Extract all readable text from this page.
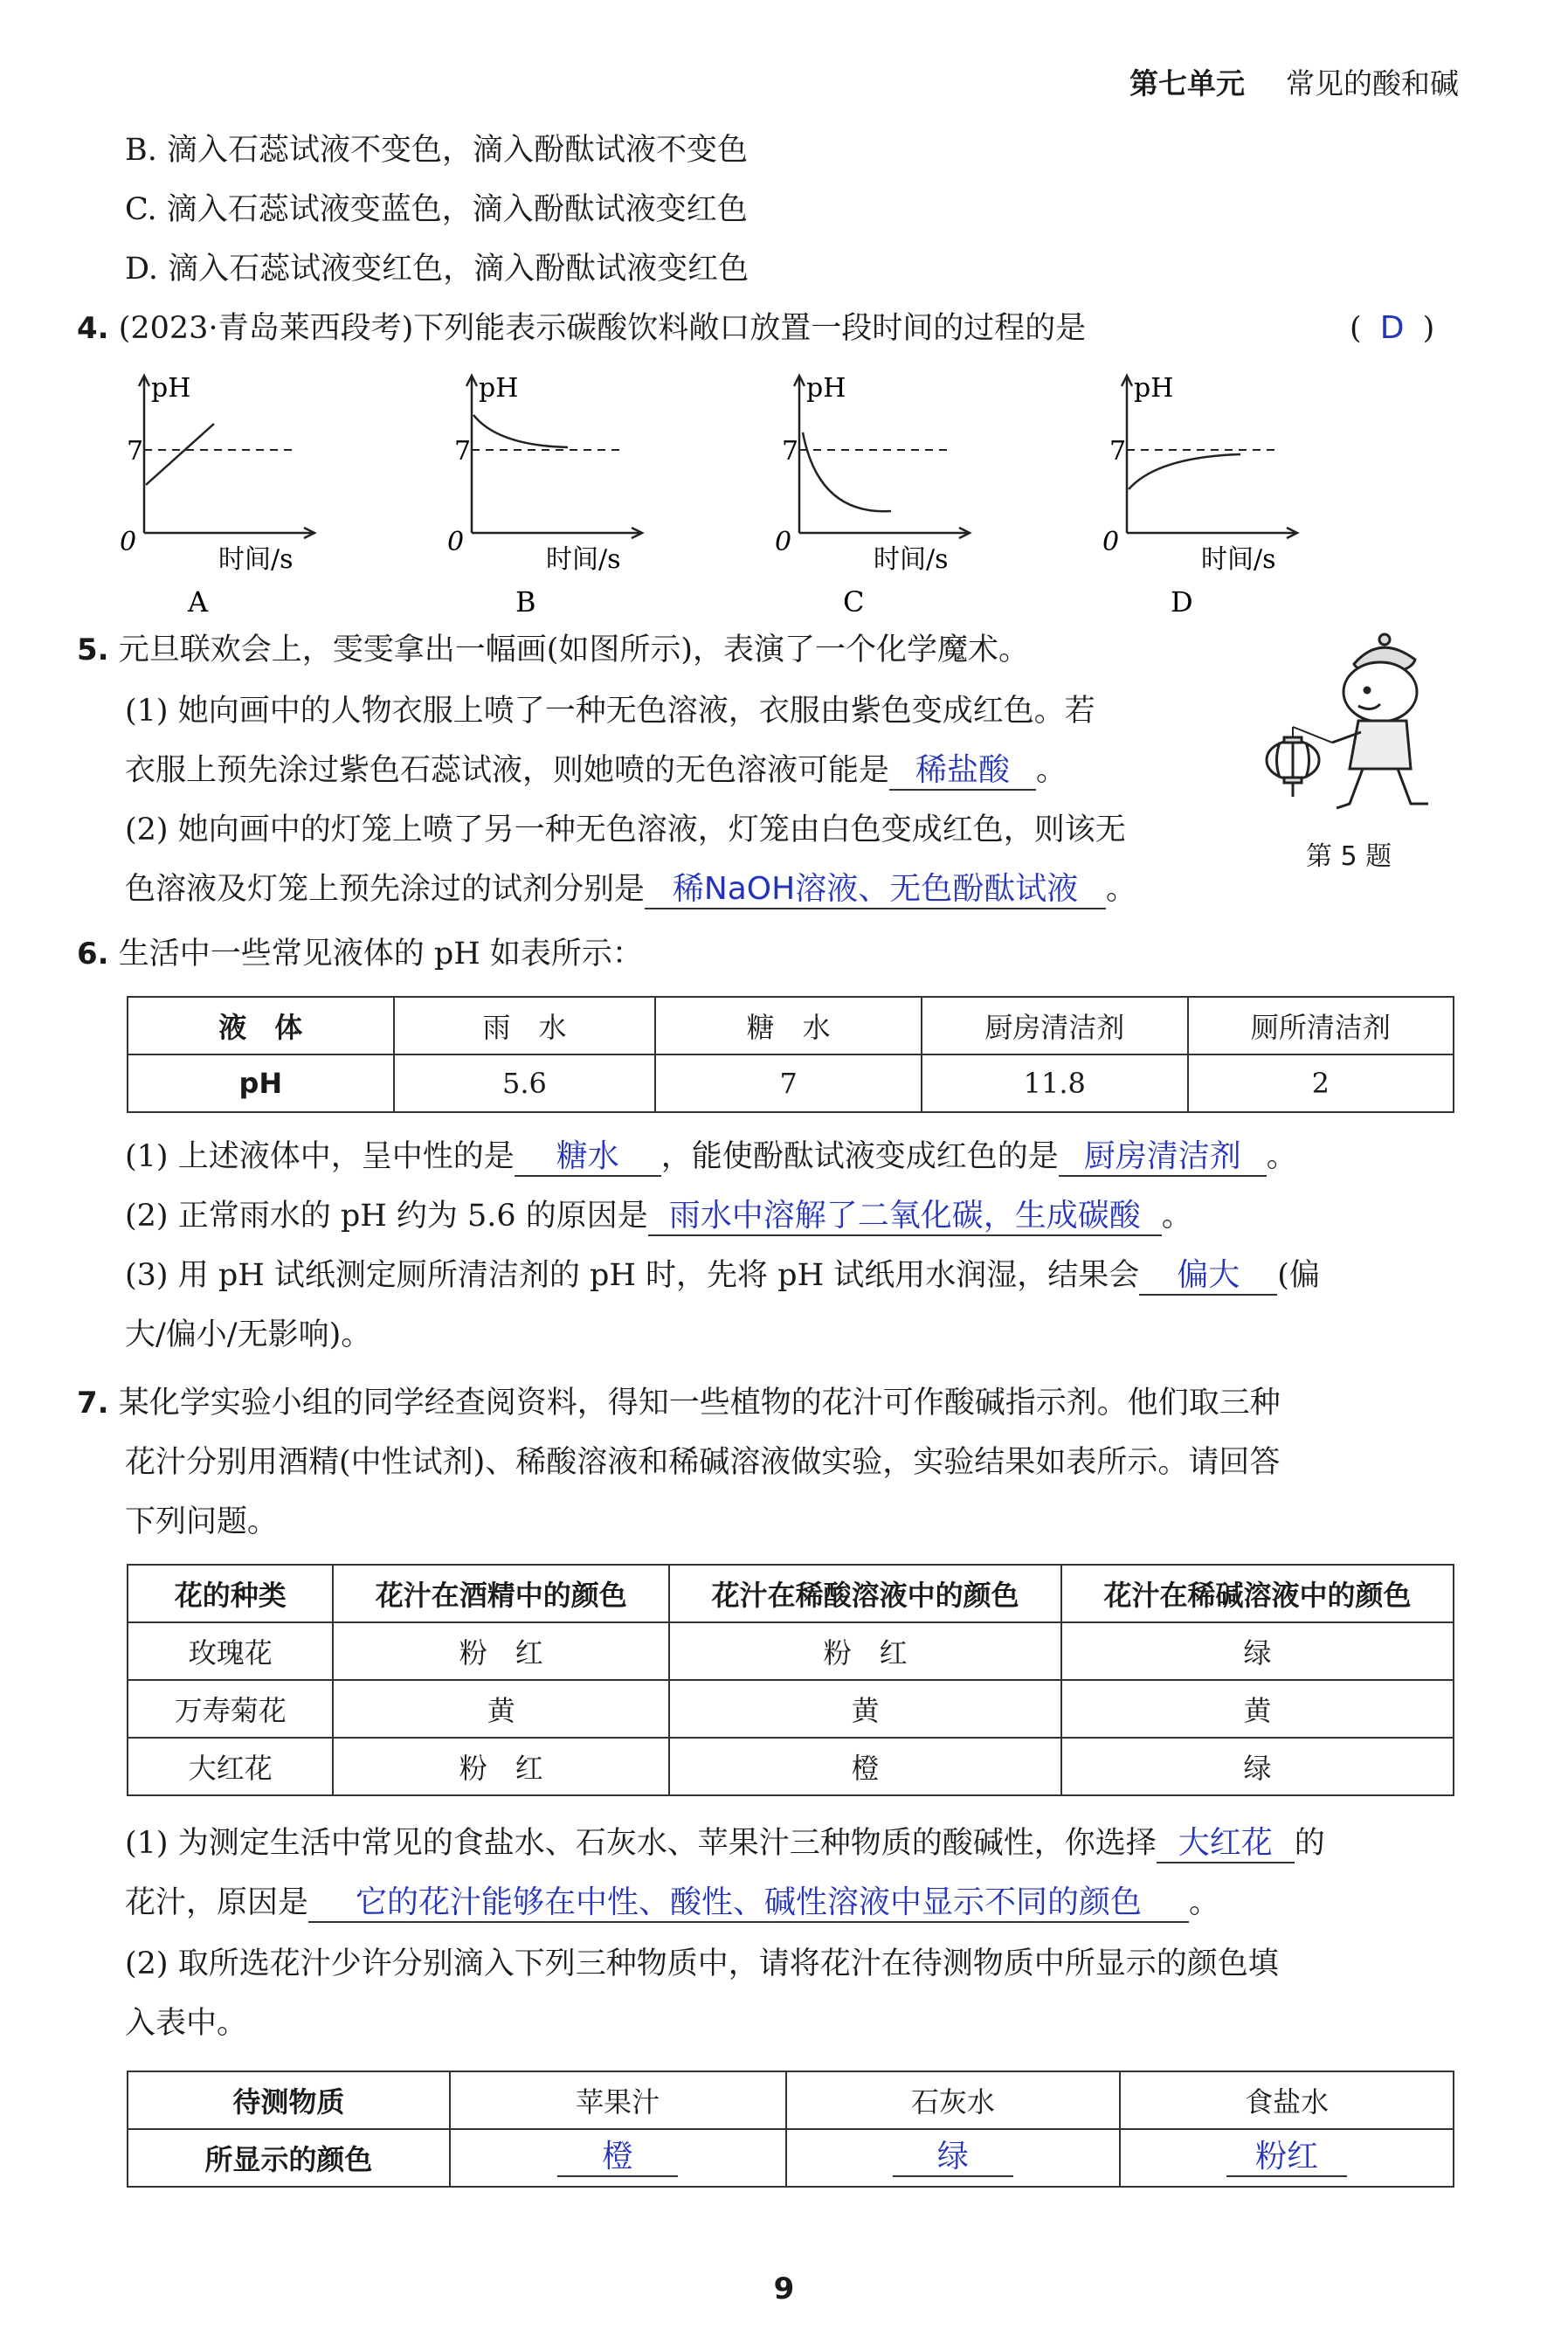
第七单元 常见的酸和碱
B. 滴入石蕊试液不变色，滴入酚酞试液不变色
C. 滴入石蕊试液变蓝色，滴入酚酞试液变红色
D. 滴入石蕊试液变红色，滴入酚酞试液变红色
4. (2023·青岛莱西段考)下列能表示碳酸饮料敞口放置一段时间的过程的是	( D )
7
pH
0
时间/s
A
7
pH
0
时间/s
B
7
pH
0
时间/s
C
7
pH
0
时间/s
D
5. 元旦联欢会上，雯雯拿出一幅画(如图所示)，表演了一个化学魔术。
(1) 她向画中的人物衣服上喷了一种无色溶液，衣服由紫色变成红色。若
衣服上预先涂过紫色石蕊试液，则她喷的无色溶液可能是 稀盐酸 。
(2) 她向画中的灯笼上喷了另一种无色溶液，灯笼由白色变成红色，则该无
色溶液及灯笼上预先涂过的试剂分别是 稀NaOH溶液、无色酚酞试液 。
第 5 题
6. 生活中一些常见液体的 pH 如表所示：
液　体	雨　水	糖　水	厨房清洁剂	厕所清洁剂
pH	5.6	7	11.8	2
(1) 上述液体中，呈中性的是 糖水 ，能使酚酞试液变成红色的是 厨房清洁剂 。
(2) 正常雨水的 pH 约为 5.6 的原因是 雨水中溶解了二氧化碳，生成碳酸 。
(3) 用 pH 试纸测定厕所清洁剂的 pH 时，先将 pH 试纸用水润湿，结果会 偏大 (偏
大/偏小/无影响)。
7. 某化学实验小组的同学经查阅资料，得知一些植物的花汁可作酸碱指示剂。他们取三种
花汁分别用酒精(中性试剂)、稀酸溶液和稀碱溶液做实验，实验结果如表所示。请回答
下列问题。
花的种类	花汁在酒精中的颜色	花汁在稀酸溶液中的颜色	花汁在稀碱溶液中的颜色
玫瑰花	粉　红	粉　红	绿
万寿菊花	黄	黄	黄
大红花	粉　红	橙	绿
(1) 为测定生活中常见的食盐水、石灰水、苹果汁三种物质的酸碱性，你选择 大红花 的
花汁，原因是 它的花汁能够在中性、酸性、碱性溶液中显示不同的颜色 。
(2) 取所选花汁少许分别滴入下列三种物质中，请将花汁在待测物质中所显示的颜色填
入表中。
待测物质	苹果汁	石灰水	食盐水
所显示的颜色	橙	绿	粉红
9
